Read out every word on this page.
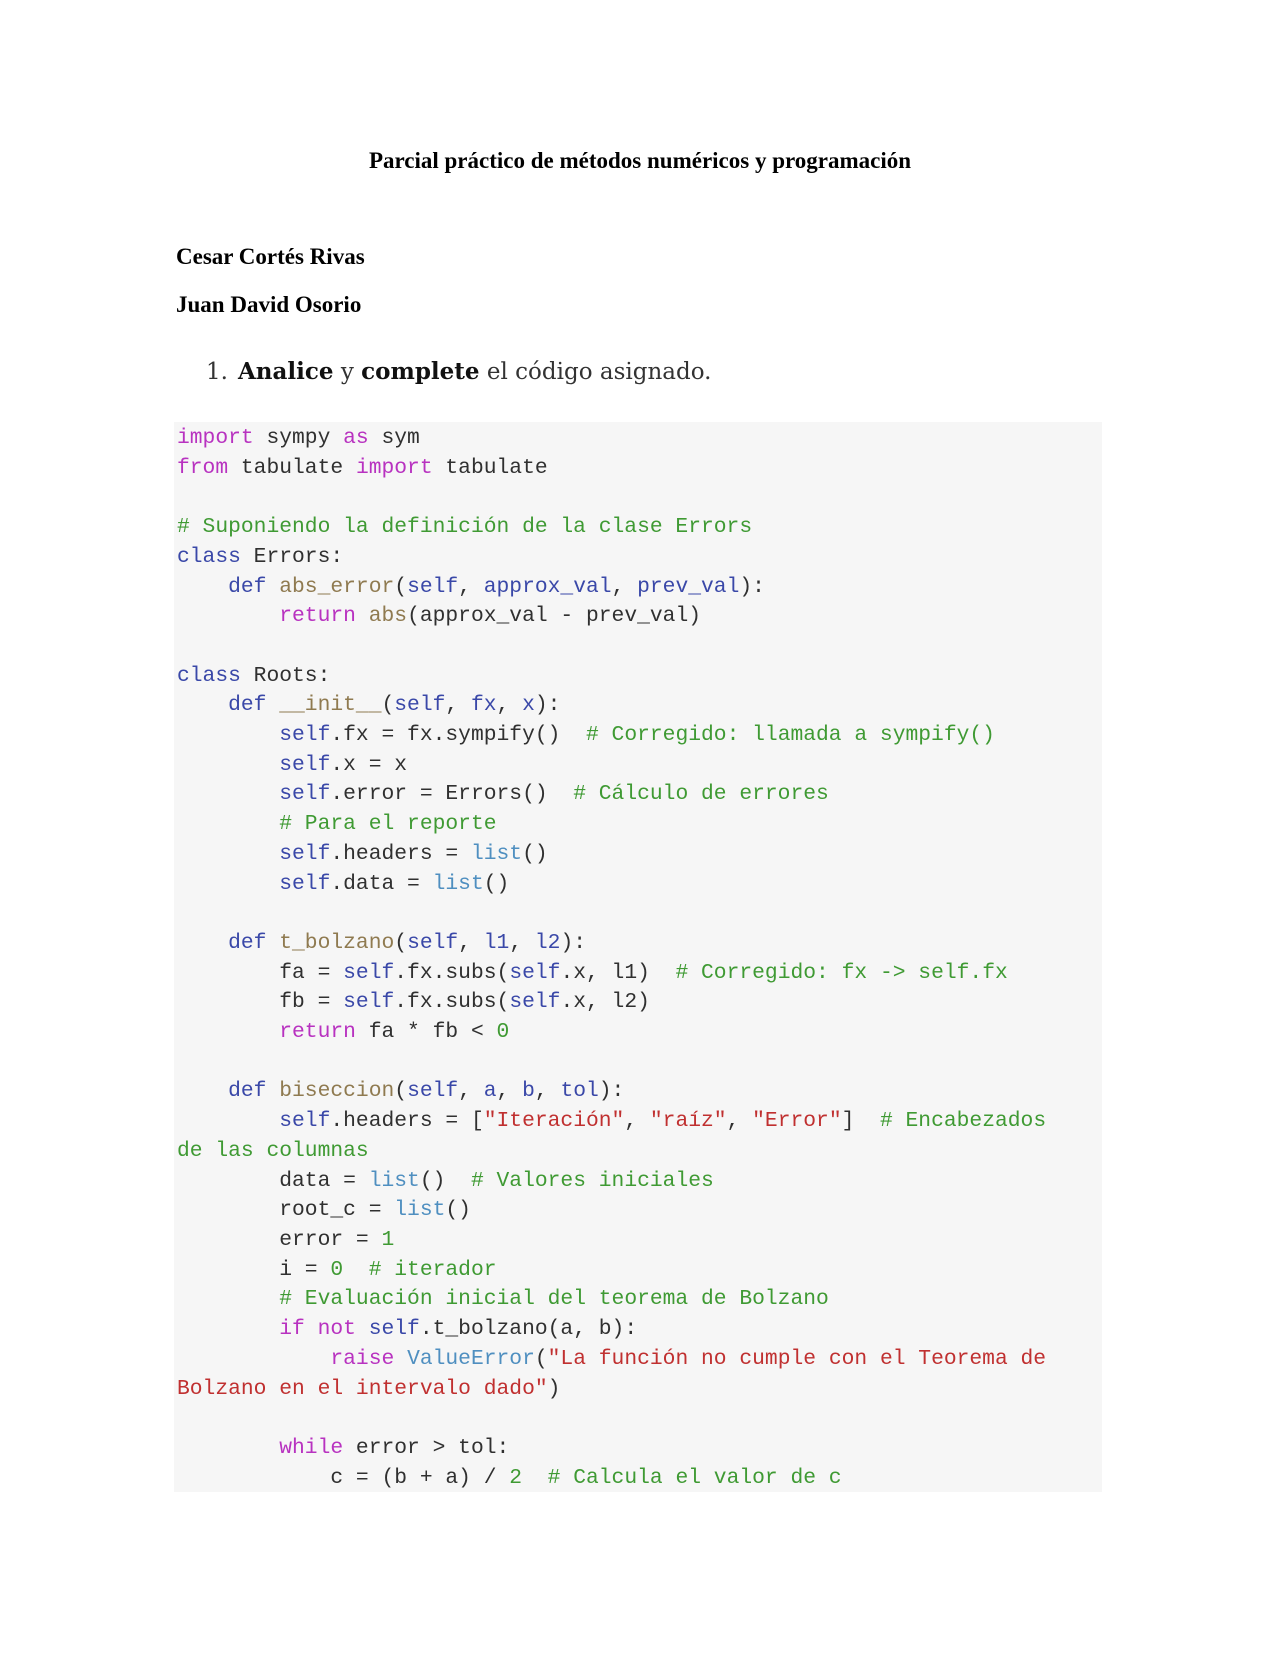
Parcial práctico de métodos numéricos y programación

Cesar Cortés Rivas

Juan David Osorio

1. Analice y complete el código asignado.
import sympy as sym
from tabulate import tabulate

# Suponiendo la definición de la clase Errors
class Errors:
def abs_error(self, approx_val, prev_val):
return abs(approx_val - prev_val)

class Roots:
def __init__(self, fx, x):
self.fx = fx.sympify()  # Corregido: llamada a sympify()
self.x = x
self.error = Errors()  # Cálculo de errores
# Para el reporte
self.headers = list()
self.data = list()

def t_bolzano(self, l1, l2):
fa = self.fx.subs(self.x, l1)  # Corregido: fx -> self.fx
fb = self.fx.subs(self.x, l2)
return fa * fb < 0

def biseccion(self, a, b, tol):
self.headers = ["Iteración", "raíz", "Error"]  # Encabezados
de las columnas
data = list()  # Valores iniciales
root_c = list()
error = 1
i = 0 # iterador
# Evaluación inicial del teorema de Bolzano
if not self.t_bolzano(a, b):
raise ValueError("La función no cumple con el Teorema de
Bolzano en el intervalo dado")

while error > tol:
c = (b + a) / 2 # Calcula el valor de c
